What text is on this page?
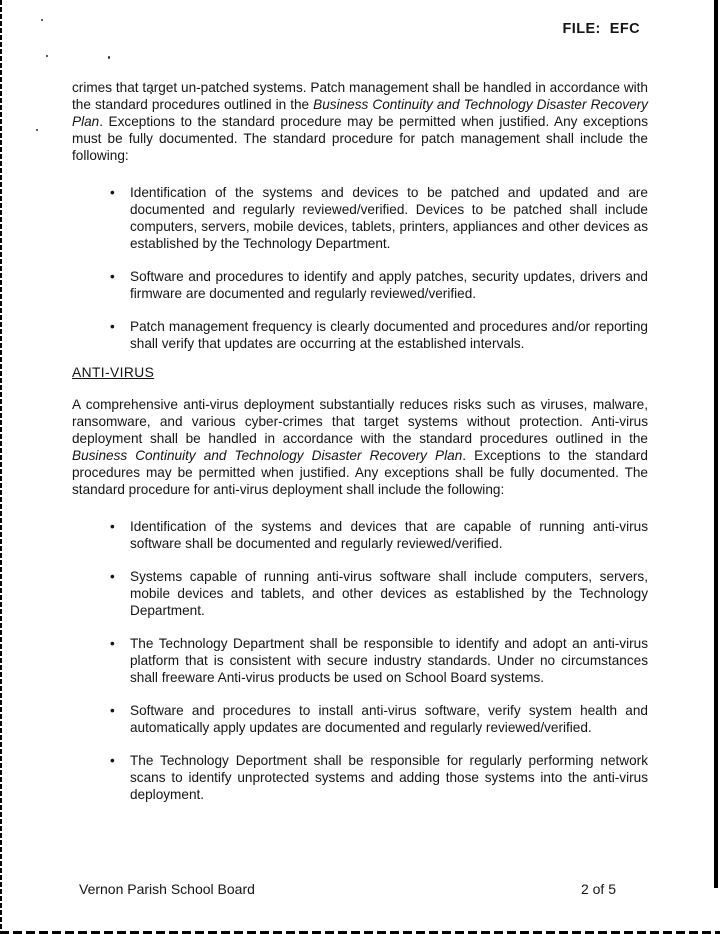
FILE: EFC

crimes that target un-patched systems. Patch management shall be handled in accordance with the standard procedures outlined in the Business Continuity and Technology Disaster Recovery Plan. Exceptions to the standard procedure may be permitted when justified. Any exceptions must be fully documented. The standard procedure for patch management shall include the following:

•	Identification of the systems and devices to be patched and updated and are documented and regularly reviewed/verified. Devices to be patched shall include computers, servers, mobile devices, tablets, printers, appliances and other devices as established by the Technology Department.
•	Software and procedures to identify and apply patches, security updates, drivers and firmware are documented and regularly reviewed/verified.
•	Patch management frequency is clearly documented and procedures and/or reporting shall verify that updates are occurring at the established intervals.
ANTI-VIRUS

A comprehensive anti-virus deployment substantially reduces risks such as viruses, malware, ransomware, and various cyber-crimes that target systems without protection. Anti-virus deployment shall be handled in accordance with the standard procedures outlined in the Business Continuity and Technology Disaster Recovery Plan. Exceptions to the standard procedures may be permitted when justified. Any exceptions shall be fully documented. The standard procedure for anti-virus deployment shall include the following:

•	Identification of the systems and devices that are capable of running anti-virus software shall be documented and regularly reviewed/verified.
•	Systems capable of running anti-virus software shall include computers, servers, mobile devices and tablets, and other devices as established by the Technology Department.
•	The Technology Department shall be responsible to identify and adopt an anti-virus platform that is consistent with secure industry standards. Under no circumstances shall freeware Anti-virus products be used on School Board systems.
•	Software and procedures to install anti-virus software, verify system health and automatically apply updates are documented and regularly reviewed/verified.
•	The Technology Deportment shall be responsible for regularly performing network scans to identify unprotected systems and adding those systems into the anti-virus deployment.
Vernon Parish School Board	2 of 5
